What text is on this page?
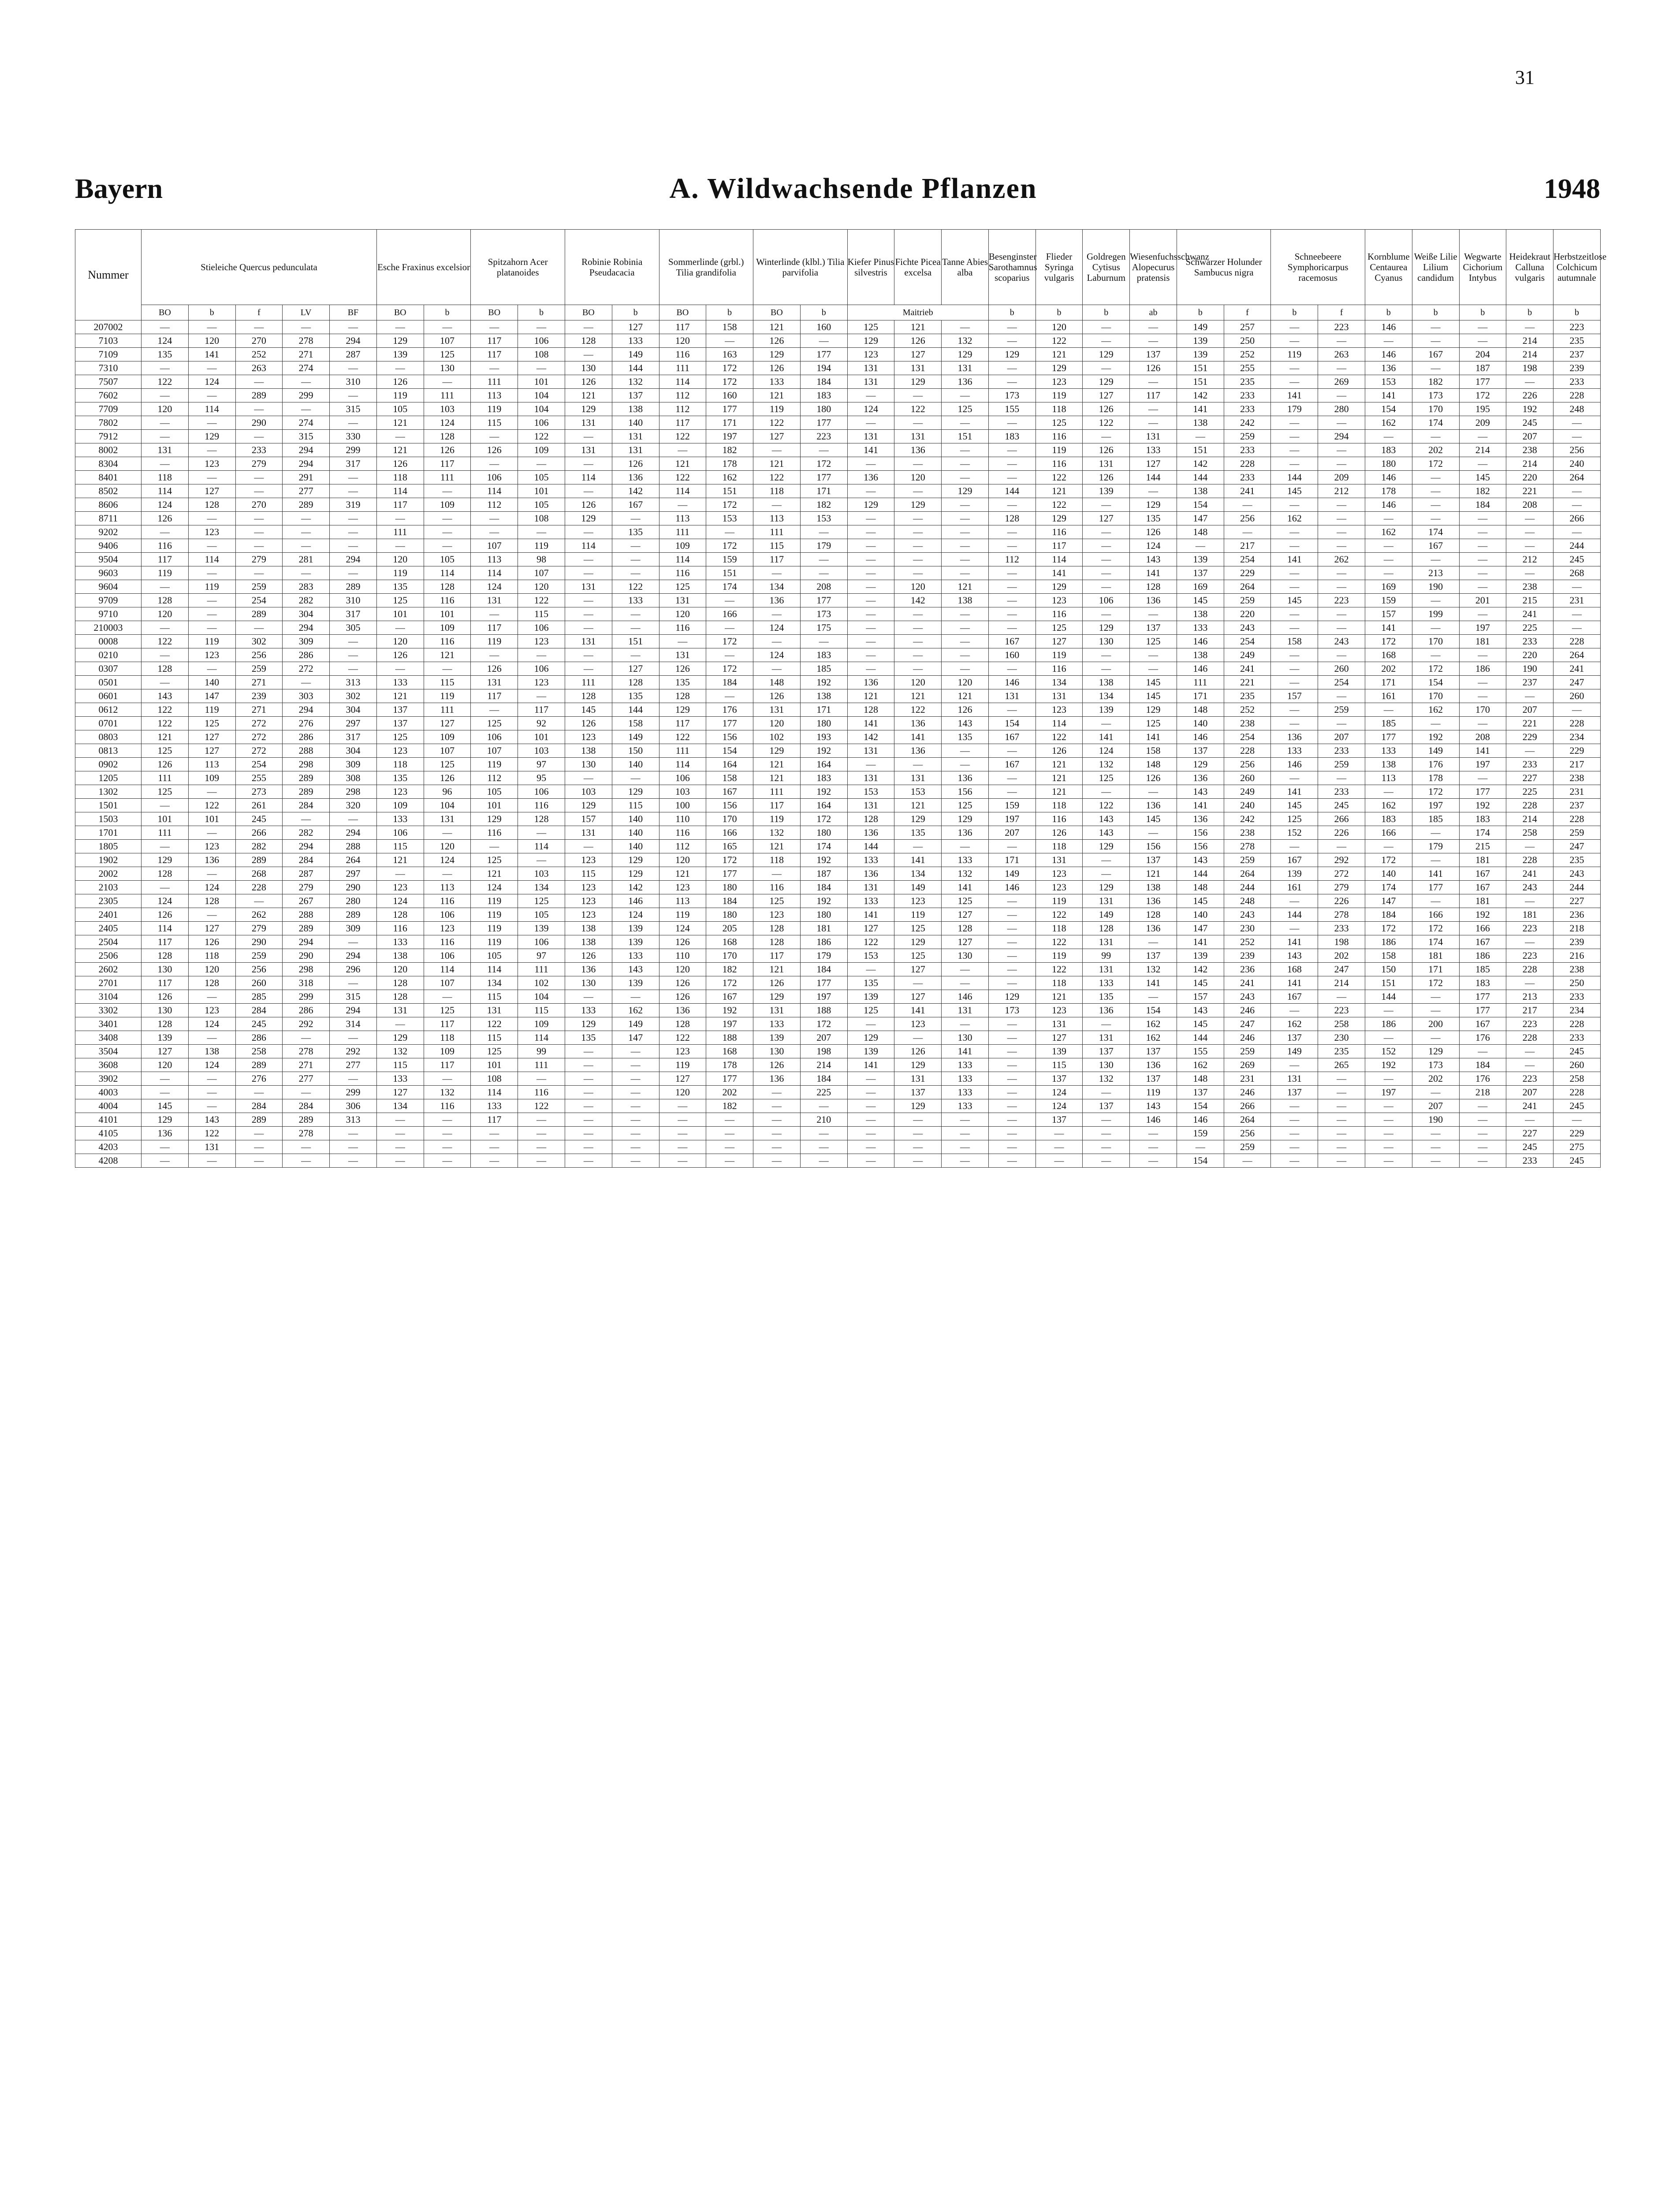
31
Bayern	A. Wildwachsende Pflanzen	1948
Nummer	Stieleiche Quercus pedunculata					Esche Fraxinus excelsior		Spitzahorn Acer platanoides		Robinie Robinia Pseudacacia		Sommerlinde (grbl.) Tilia grandifolia		Winterlinde (klbl.) Tilia parvifolia		Kiefer Pinus silvestris	Fichte Picea excelsa	Tanne Abies alba	Besenginster Sarothamnus scoparius	Flieder Syringa vulgaris	Goldregen Cytisus Laburnum	Wiesenfuchsschwanz Alopecurus pratensis	Schwarzer Holunder Sambucus nigra		Schneebeere Symphoricarpus racemosus		Kornblume Centaurea Cyanus	Weiße Lilie Lilium candidum	Wegwarte Cichorium Intybus	Heidekraut Calluna vulgaris	Herbstzeitlose Colchicum autumnale
	BO	b	f	LV	BF	BO	b	BO	b	BO	b	BO	b	BO	b	Maitrieb			b	b	b	ab	b	f	b	f	b	b	b	b	b
207002	—	—	—	—	—	—	—	—	—	—	127	117	158	121	160	125	121	—	—	120	—	—	149	257	—	223	146	—	—	—	223
7103	124	120	270	278	294	129	107	117	106	128	133	120	—	126	—	129	126	132	—	122	—	—	139	250	—	—	—	—	—	214	235
7109	135	141	252	271	287	139	125	117	108	—	149	116	163	129	177	123	127	129	129	121	129	137	139	252	119	263	146	167	204	214	237
7310	—	—	263	274	—	—	130	—	—	130	144	111	172	126	194	131	131	131	—	129	—	126	151	255	—	—	136	—	187	198	239
7507	122	124	—	—	310	126	—	111	101	126	132	114	172	133	184	131	129	136	—	123	129	—	151	235	—	269	153	182	177	—	233
7602	—	—	289	299	—	119	111	113	104	121	137	112	160	121	183	—	—	—	173	119	127	117	142	233	141	—	141	173	172	226	228
7709	120	114	—	—	315	105	103	119	104	129	138	112	177	119	180	124	122	125	155	118	126	—	141	233	179	280	154	170	195	192	248
7802	—	—	290	274	—	121	124	115	106	131	140	117	171	122	177	—	—	—	—	125	122	—	138	242	—	—	162	174	209	245	—
7912	—	129	—	315	330	—	128	—	122	—	131	122	197	127	223	131	131	151	183	116	—	131	—	259	—	294	—	—	—	207	—
8002	131	—	233	294	299	121	126	126	109	131	131	—	182	—	—	141	136	—	—	119	126	133	151	233	—	—	183	202	214	238	256
8304	—	123	279	294	317	126	117	—	—	—	126	121	178	121	172	—	—	—	—	116	131	127	142	228	—	—	180	172	—	214	240
8401	118	—	—	291	—	118	111	106	105	114	136	122	162	122	177	136	120	—	—	122	126	144	144	233	144	209	146	—	145	220	264
8502	114	127	—	277	—	114	—	114	101	—	142	114	151	118	171	—	—	129	144	121	139	—	138	241	145	212	178	—	182	221	—
8606	124	128	270	289	319	117	109	112	105	126	167	—	172	—	182	129	129	—	—	122	—	129	154	—	—	—	146	—	184	208	—
8711	126	—	—	—	—	—	—	—	108	129	—	113	153	113	153	—	—	—	128	129	127	135	147	256	162	—	—	—	—	—	266
9202	—	123	—	—	—	111	—	—	—	—	135	111	—	111	—	—	—	—	—	116	—	126	148	—	—	—	162	174	—	—	—
9406	116	—	—	—	—	—	—	107	119	114	—	109	172	115	179	—	—	—	—	117	—	124	—	217	—	—	—	167	—	—	244
9504	117	114	279	281	294	120	105	113	98	—	—	114	159	117	—	—	—	—	112	114	—	143	139	254	141	262	—	—	—	212	245
9603	119	—	—	—	—	119	114	114	107	—	—	116	151	—	—	—	—	—	—	141	—	141	137	229	—	—	—	213	—	—	268
9604	—	119	259	283	289	135	128	124	120	131	122	125	174	134	208	—	120	121	—	129	—	128	169	264	—	—	169	190	—	238	—
9709	128	—	254	282	310	125	116	131	122	—	133	131	—	136	177	—	142	138	—	123	106	136	145	259	145	223	159	—	201	215	231
9710	120	—	289	304	317	101	101	—	115	—	—	120	166	—	173	—	—	—	—	116	—	—	138	220	—	—	157	199	—	241	—
210003	—	—	—	294	305	—	109	117	106	—	—	116	—	124	175	—	—	—	—	125	129	137	133	243	—	—	141	—	197	225	—
0008	122	119	302	309	—	120	116	119	123	131	151	—	172	—	—	—	—	—	167	127	130	125	146	254	158	243	172	170	181	233	228
0210	—	123	256	286	—	126	121	—	—	—	—	131	—	124	183	—	—	—	160	119	—	—	138	249	—	—	168	—	—	220	264
0307	128	—	259	272	—	—	—	126	106	—	127	126	172	—	185	—	—	—	—	116	—	—	146	241	—	260	202	172	186	190	241
0501	—	140	271	—	313	133	115	131	123	111	128	135	184	148	192	136	120	120	146	134	138	145	111	221	—	254	171	154	—	237	247
0601	143	147	239	303	302	121	119	117	—	128	135	128	—	126	138	121	121	121	131	131	134	145	171	235	157	—	161	170	—	—	260
0612	122	119	271	294	304	137	111	—	117	145	144	129	176	131	171	128	122	126	—	123	139	129	148	252	—	259	—	162	170	207	—
0701	122	125	272	276	297	137	127	125	92	126	158	117	177	120	180	141	136	143	154	114	—	125	140	238	—	—	185	—	—	221	228
0803	121	127	272	286	317	125	109	106	101	123	149	122	156	102	193	142	141	135	167	122	141	141	146	254	136	207	177	192	208	229	234
0813	125	127	272	288	304	123	107	107	103	138	150	111	154	129	192	131	136	—	—	126	124	158	137	228	133	233	133	149	141	—	229
0902	126	113	254	298	309	118	125	119	97	130	140	114	164	121	164	—	—	—	167	121	132	148	129	256	146	259	138	176	197	233	217
1205	111	109	255	289	308	135	126	112	95	—	—	106	158	121	183	131	131	136	—	121	125	126	136	260	—	—	113	178	—	227	238
1302	125	—	273	289	298	123	96	105	106	103	129	103	167	111	192	153	153	156	—	121	—	—	143	249	141	233	—	172	177	225	231
1501	—	122	261	284	320	109	104	101	116	129	115	100	156	117	164	131	121	125	159	118	122	136	141	240	145	245	162	197	192	228	237
1503	101	101	245	—	—	133	131	129	128	157	140	110	170	119	172	128	129	129	197	116	143	145	136	242	125	266	183	185	183	214	228
1701	111	—	266	282	294	106	—	116	—	131	140	116	166	132	180	136	135	136	207	126	143	—	156	238	152	226	166	—	174	258	259
1805	—	123	282	294	288	115	120	—	114	—	140	112	165	121	174	144	—	—	—	118	129	156	156	278	—	—	—	179	215	—	247
1902	129	136	289	284	264	121	124	125	—	123	129	120	172	118	192	133	141	133	171	131	—	137	143	259	167	292	172	—	181	228	235
2002	128	—	268	287	297	—	—	121	103	115	129	121	177	—	187	136	134	132	149	123	—	121	144	264	139	272	140	141	167	241	243
2103	—	124	228	279	290	123	113	124	134	123	142	123	180	116	184	131	149	141	146	123	129	138	148	244	161	279	174	177	167	243	244
2305	124	128	—	267	280	124	116	119	125	123	146	113	184	125	192	133	123	125	—	119	131	136	145	248	—	226	147	—	181	—	227
2401	126	—	262	288	289	128	106	119	105	123	124	119	180	123	180	141	119	127	—	122	149	128	140	243	144	278	184	166	192	181	236
2405	114	127	279	289	309	116	123	119	139	138	139	124	205	128	181	127	125	128	—	118	128	136	147	230	—	233	172	172	166	223	218
2504	117	126	290	294	—	133	116	119	106	138	139	126	168	128	186	122	129	127	—	122	131	—	141	252	141	198	186	174	167	—	239
2506	128	118	259	290	294	138	106	105	97	126	133	110	170	117	179	153	125	130	—	119	99	137	139	239	143	202	158	181	186	223	216
2602	130	120	256	298	296	120	114	114	111	136	143	120	182	121	184	—	127	—	—	122	131	132	142	236	168	247	150	171	185	228	238
2701	117	128	260	318	—	128	107	134	102	130	139	126	172	126	177	135	—	—	—	118	133	141	145	241	141	214	151	172	183	—	250
3104	126	—	285	299	315	128	—	115	104	—	—	126	167	129	197	139	127	146	129	121	135	—	157	243	167	—	144	—	177	213	233
3302	130	123	284	286	294	131	125	131	115	133	162	136	192	131	188	125	141	131	173	123	136	154	143	246	—	223	—	—	177	217	234
3401	128	124	245	292	314	—	117	122	109	129	149	128	197	133	172	—	123	—	—	131	—	162	145	247	162	258	186	200	167	223	228
3408	139	—	286	—	—	129	118	115	114	135	147	122	188	139	207	129	—	130	—	127	131	162	144	246	137	230	—	—	176	228	233
3504	127	138	258	278	292	132	109	125	99	—	—	123	168	130	198	139	126	141	—	139	137	137	155	259	149	235	152	129	—	—	245
3608	120	124	289	271	277	115	117	101	111	—	—	119	178	126	214	141	129	133	—	115	130	136	162	269	—	265	192	173	184	—	260
3902	—	—	276	277	—	133	—	108	—	—	—	127	177	136	184	—	131	133	—	137	132	137	148	231	131	—	—	202	176	223	258
4003	—	—	—	—	299	127	132	114	116	—	—	120	202	—	225	—	137	133	—	124	—	119	137	246	137	—	197	—	218	207	228
4004	145	—	284	284	306	134	116	133	122	—	—	—	182	—	—	—	129	133	—	124	137	143	154	266	—	—	—	207	—	241	245
4101	129	143	289	289	313	—	—	117	—	—	—	—	—	—	210	—	—	—	—	137	—	146	146	264	—	—	—	190	—	—	—
4105	136	122	—	278	—	—	—	—	—	—	—	—	—	—	—	—	—	—	—	—	—	—	159	256	—	—	—	—	—	227	229
4203	—	131	—	—	—	—	—	—	—	—	—	—	—	—	—	—	—	—	—	—	—	—	—	259	—	—	—	—	—	245	275
4208	—	—	—	—	—	—	—	—	—	—	—	—	—	—	—	—	—	—	—	—	—	—	154	—	—	—	—	—	—	233	245
